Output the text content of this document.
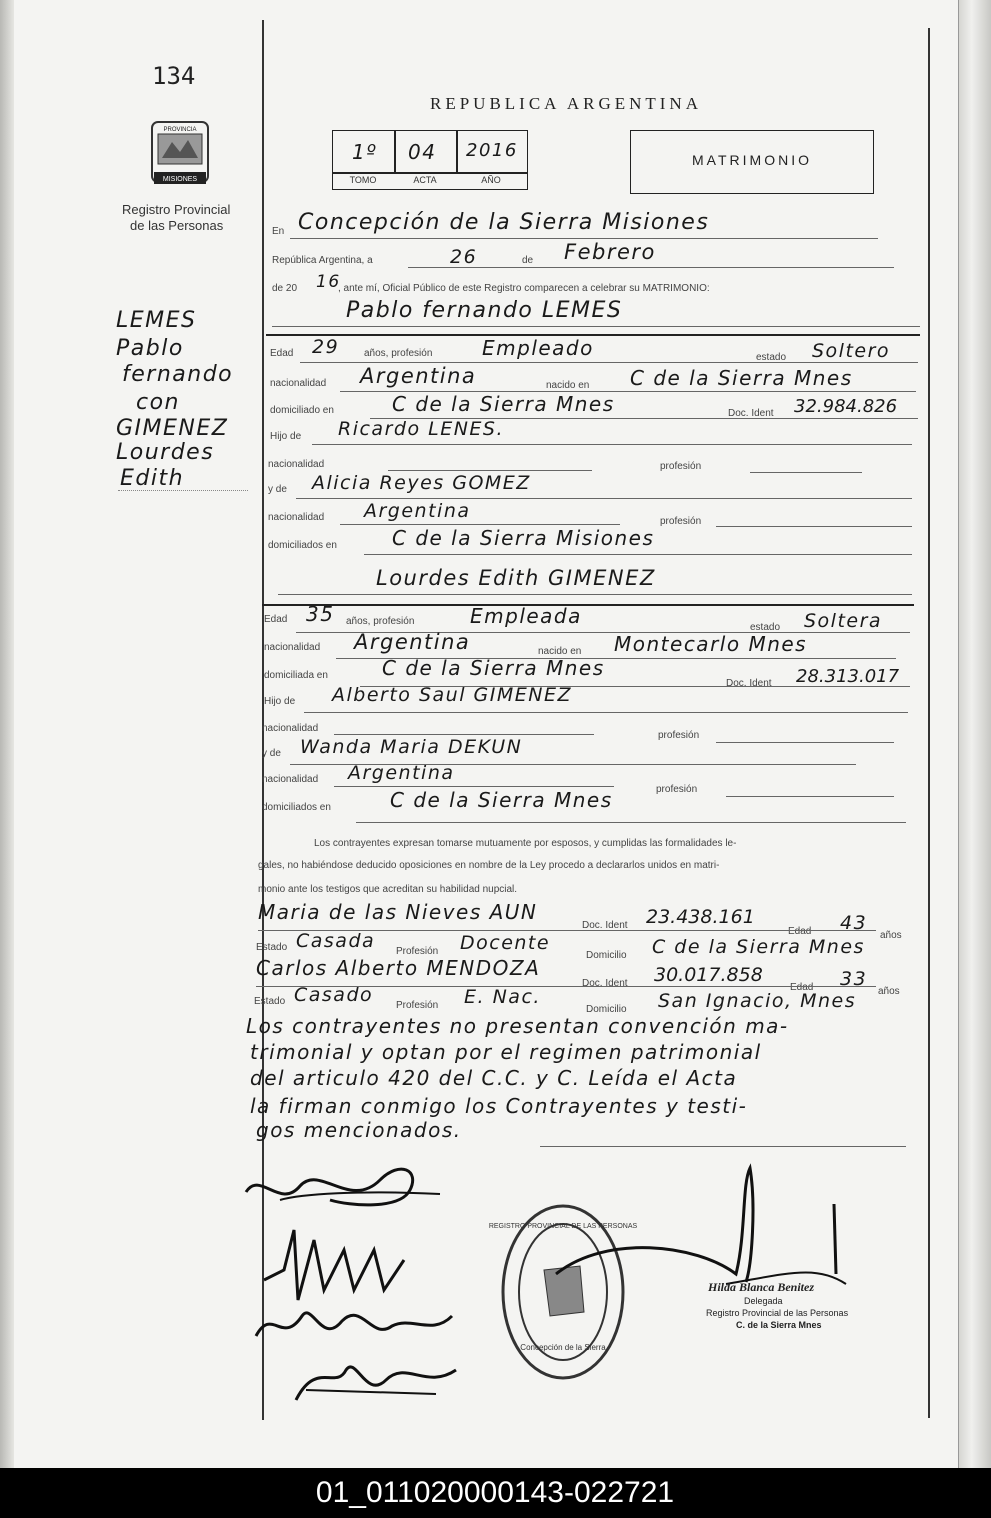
134
PROVINCIA
MISIONES
Registro Provincial
de las Personas
REPUBLICA ARGENTINA
1º 04 2016
TOMO	ACTA	AÑO
MATRIMONIO
LEMES
Pablo
fernando
con
GIMENEZ
Lourdes
Edith
En Concepción de la Sierra Misiones
República Argentina, a	26	de Febrero
de 20 16
, ante mí, Oficial Público de este Registro comparecen a celebrar su MATRIMONIO:
Pablo fernando LEMES
Edad 29 años, profesión Empleado	estado Soltero
nacionalidad Argentina	nacido en C de la Sierra Mnes
domiciliado en	C de la Sierra Mnes	Doc. Ident 32.984.826
Hijo de Ricardo LENES.
nacionalidad	profesión
y de Alicia Reyes GOMEZ
nacionalidad Argentina	profesión
domiciliados en	C de la Sierra Misiones
Lourdes Edith GIMENEZ
Edad 35 años, profesión	Empleada	estado Soltera
nacionalidad Argentina	nacido en Montecarlo Mnes
domiciliada en	C de la Sierra Mnes
Doc. Ident 28.313.017
Hijo de Alberto Saul GIMENEZ
nacionalidad
profesión
y de Wanda Maria DEKUN
nacionalidad Argentina
profesión
domiciliados en	C de la Sierra Mnes
Los contrayentes expresan tomarse mutuamente por esposos, y cumplidas las formalidades le-
gales, no habiéndose deducido oposiciones en nombre de la Ley procedo a declararlos unidos en matri-
monio ante los testigos que acreditan su habilidad nupcial.
Maria de las Nieves AUN
Doc. Ident 23.438.161
Edad 43
años
Estado Casada Profesión Docente
Domicilio C de la Sierra Mnes
Carlos Alberto MENDOZA
Doc. Ident 30.017.858
Edad 33
años
Estado Casado Profesión E. Nac.
Domicilio San Ignacio, Mnes
Los contrayentes no presentan convención ma-
trimonial y optan por el regimen patrimonial
del articulo 420 del C.C. y C. Leída el Acta
la firman conmigo los Contrayentes y testi-
gos mencionados.
REGISTRO PROVINCIAL DE LAS PERSONAS
Concepción de la Sierra
Hilda Blanca Benitez
Delegada
Registro Provincial de las Personas
C. de la Sierra Mnes
01_011020000143-022721
